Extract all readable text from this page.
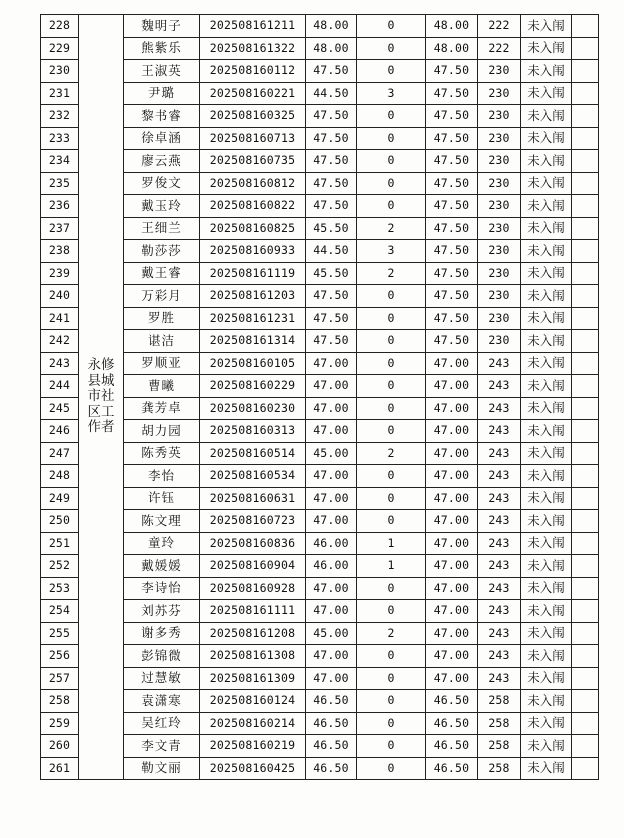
228	永修县城市社区工作者	魏明子	202508161211	48.00	0	48.00	222	未入闱	
229		熊紫乐	202508161322	48.00	0	48.00	222	未入闱	
230		王淑英	202508160112	47.50	0	47.50	230	未入闱	
231		尹璐	202508160221	44.50	3	47.50	230	未入闱	
232		黎书睿	202508160325	47.50	0	47.50	230	未入闱	
233		徐卓涵	202508160713	47.50	0	47.50	230	未入闱	
234		廖云燕	202508160735	47.50	0	47.50	230	未入闱	
235		罗俊文	202508160812	47.50	0	47.50	230	未入闱	
236		戴玉玲	202508160822	47.50	0	47.50	230	未入闱	
237		王细兰	202508160825	45.50	2	47.50	230	未入闱	
238		勒莎莎	202508160933	44.50	3	47.50	230	未入闱	
239		戴王睿	202508161119	45.50	2	47.50	230	未入闱	
240		万彩月	202508161203	47.50	0	47.50	230	未入闱	
241		罗胜	202508161231	47.50	0	47.50	230	未入闱	
242		谌洁	202508161314	47.50	0	47.50	230	未入闱	
243		罗顺亚	202508160105	47.00	0	47.00	243	未入闱	
244		曹曦	202508160229	47.00	0	47.00	243	未入闱	
245		龚芳卓	202508160230	47.00	0	47.00	243	未入闱	
246		胡力园	202508160313	47.00	0	47.00	243	未入闱	
247		陈秀英	202508160514	45.00	2	47.00	243	未入闱	
248		李怡	202508160534	47.00	0	47.00	243	未入闱	
249		许钰	202508160631	47.00	0	47.00	243	未入闱	
250		陈文理	202508160723	47.00	0	47.00	243	未入闱	
251		童玲	202508160836	46.00	1	47.00	243	未入闱	
252		戴媛媛	202508160904	46.00	1	47.00	243	未入闱	
253		李诗怡	202508160928	47.00	0	47.00	243	未入闱	
254		刘苏芬	202508161111	47.00	0	47.00	243	未入闱	
255		谢多秀	202508161208	45.00	2	47.00	243	未入闱	
256		彭锦微	202508161308	47.00	0	47.00	243	未入闱	
257		过慧敏	202508161309	47.00	0	47.00	243	未入闱	
258		袁潇寒	202508160124	46.50	0	46.50	258	未入闱	
259		吴红玲	202508160214	46.50	0	46.50	258	未入闱	
260		李文青	202508160219	46.50	0	46.50	258	未入闱	
261		勒文丽	202508160425	46.50	0	46.50	258	未入闱	
